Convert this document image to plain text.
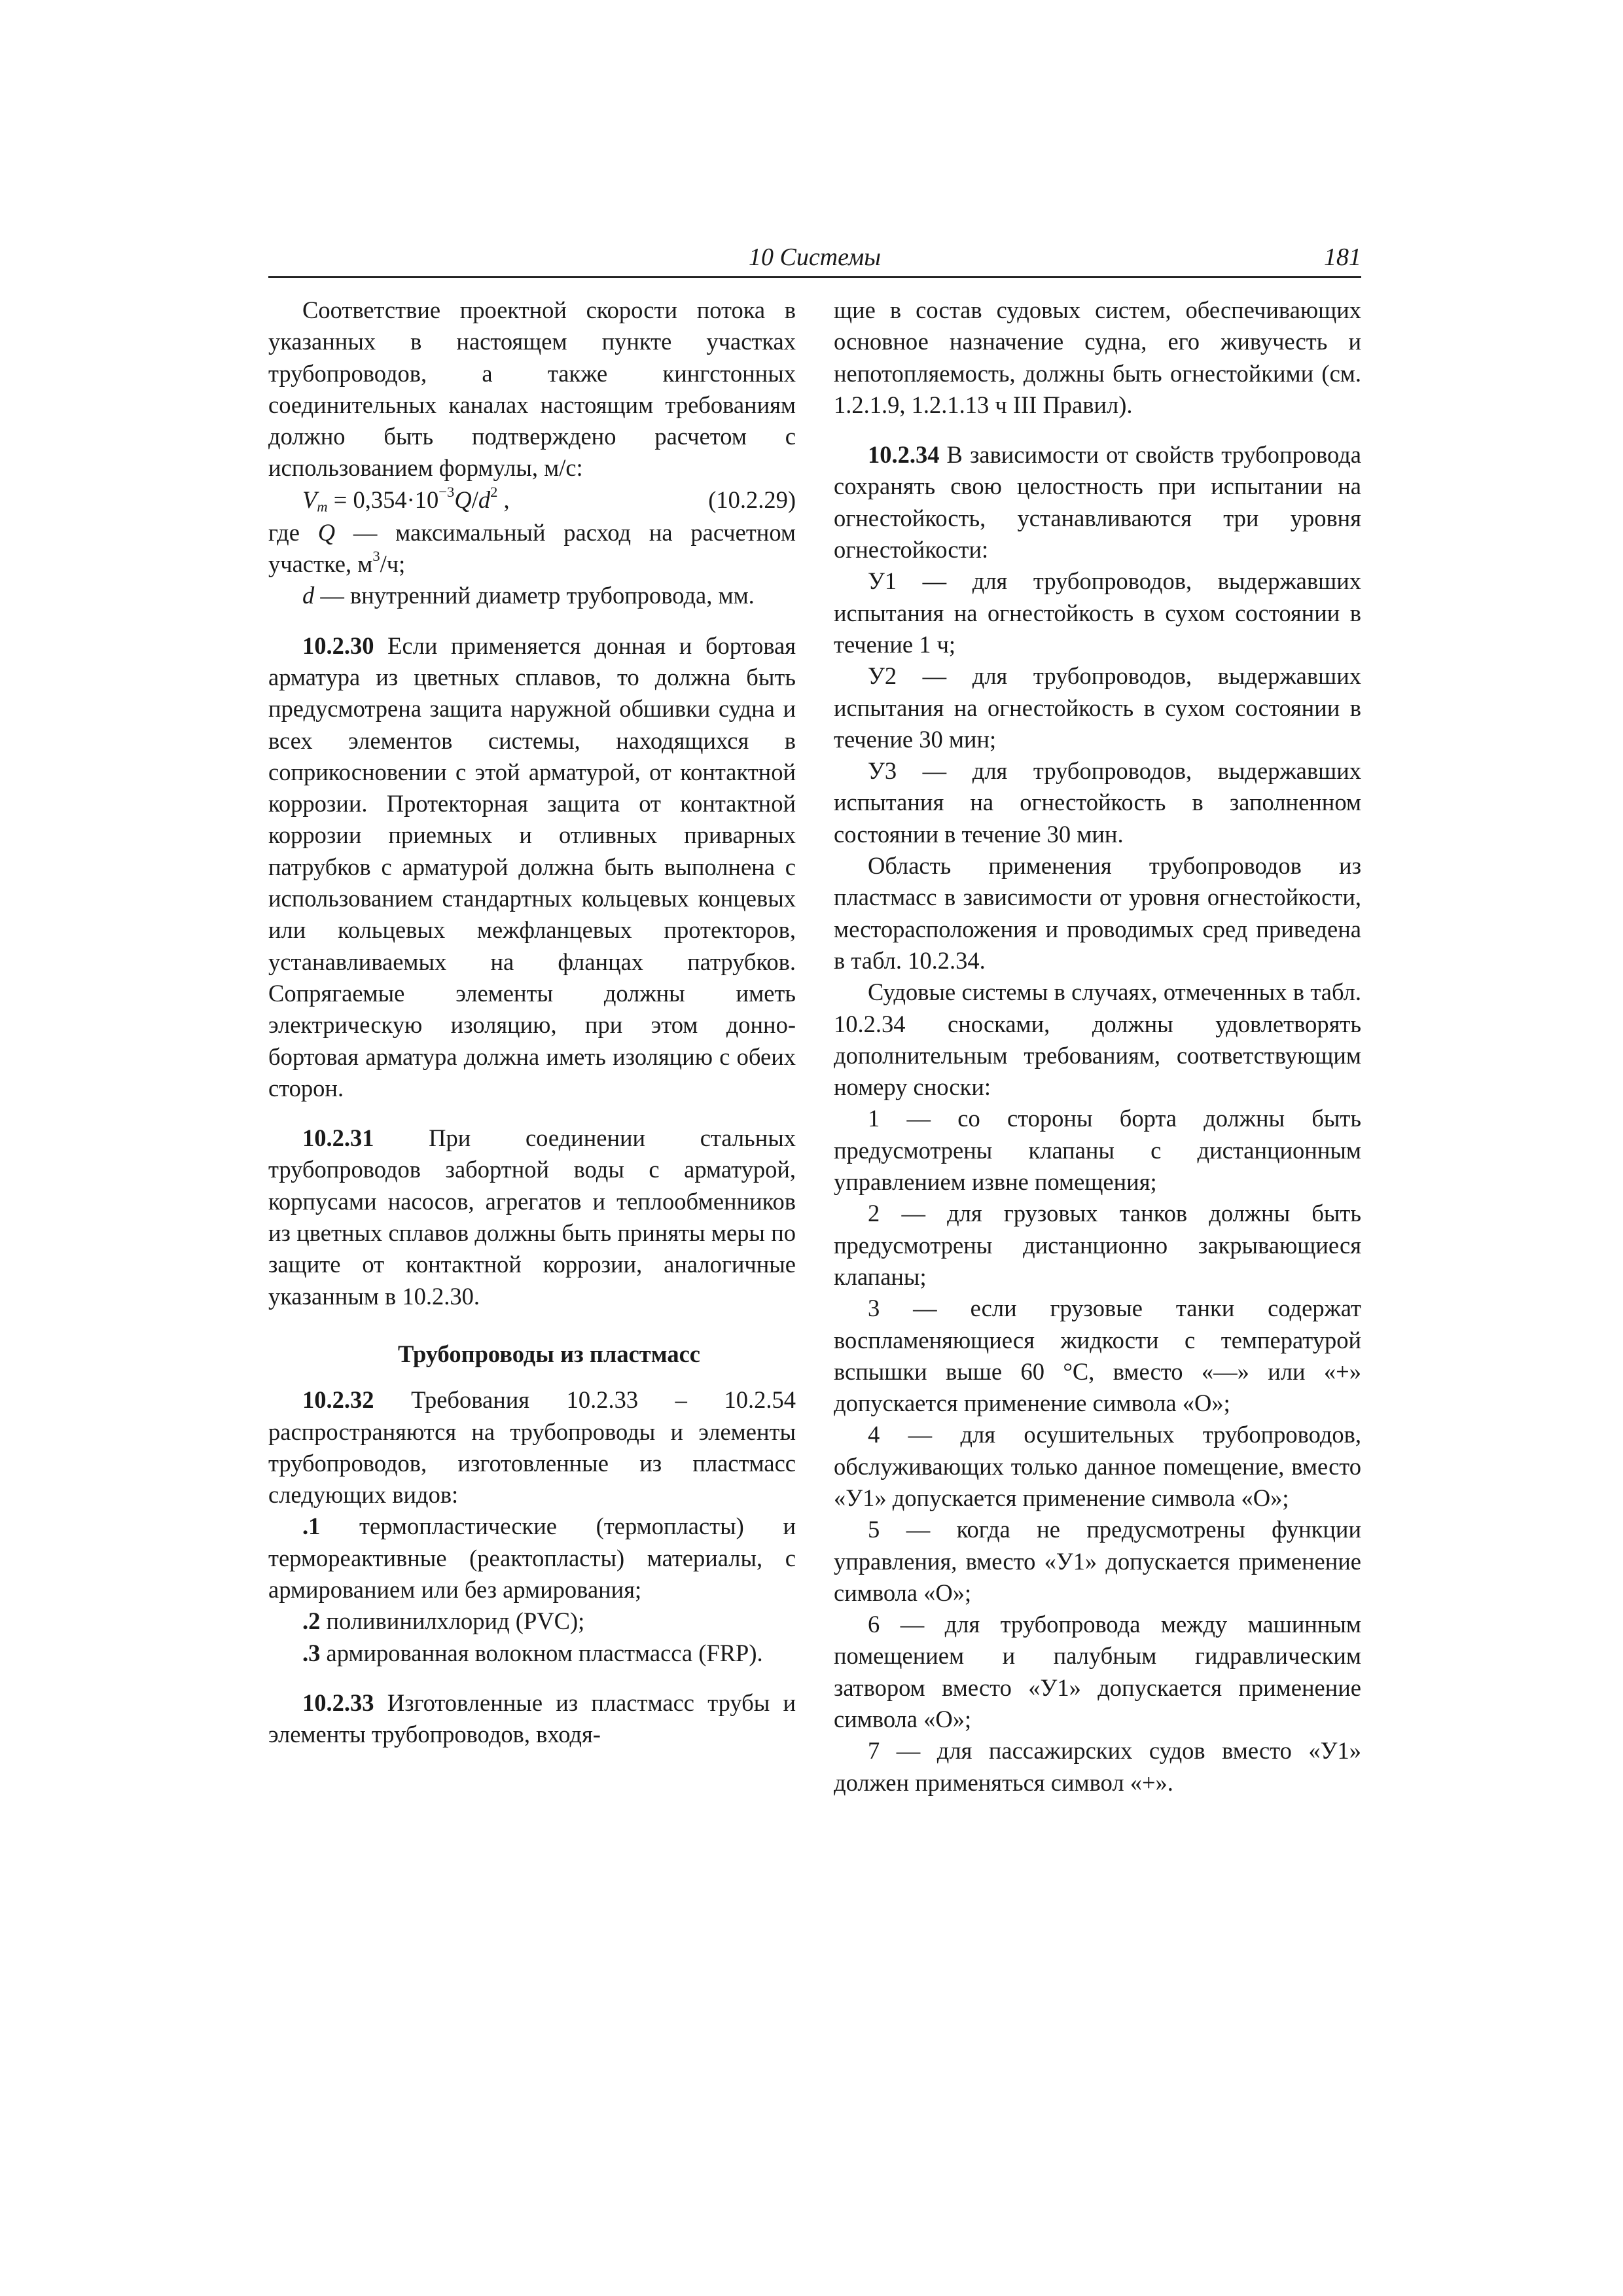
10 Системы	181

Соответствие проектной скорости потока в указанных в настоящем пункте участках трубопроводов, а также кингстонных соединительных каналах настоящим требованиям должно быть подтверждено расчетом с использованием формулы, м/с:

$V_m = 0,354\cdot 10^{-3}Q/d^2$ ,	(10.2.29)

где Q — максимальный расход на расчетном участке, $м^3/ч$;

d — внутренний диаметр трубопровода, мм.

10.2.30 Если применяется донная и бортовая арматура из цветных сплавов, то должна быть предусмотрена защита наружной обшивки судна и всех элементов системы, находящихся в соприкосновении с этой арматурой, от контактной коррозии. Протекторная защита от контактной коррозии приемных и отливных приварных патрубков с арматурой должна быть выполнена с использованием стандартных кольцевых концевых или кольцевых межфланцевых протекторов, устанавливаемых на фланцах патрубков. Сопрягаемые элементы должны иметь электрическую изоляцию, при этом донно-бортовая арматура должна иметь изоляцию с обеих сторон.

10.2.31 При соединении стальных трубопроводов забортной воды с арматурой, корпусами насосов, агрегатов и теплообменников из цветных сплавов должны быть приняты меры по защите от контактной коррозии, аналогичные указанным в 10.2.30.

Трубопроводы из пластмасс

10.2.32 Требования 10.2.33 – 10.2.54 распространяются на трубопроводы и элементы трубопроводов, изготовленные из пластмасс следующих видов:

.1 термопластические (термопласты) и термореактивные (реактопласты) материалы, с армированием или без армирования;

.2 поливинилхлорид (PVC);

.3 армированная волокном пластмасса (FRP).

10.2.33 Изготовленные из пластмасс трубы и элементы трубопроводов, входя-

щие в состав судовых систем, обеспечивающих основное назначение судна, его живучесть и непотопляемость, должны быть огнестойкими (см. 1.2.1.9, 1.2.1.13 ч III Правил).

10.2.34 В зависимости от свойств трубопровода сохранять свою целостность при испытании на огнестойкость, устанавливаются три уровня огнестойкости:

У1 — для трубопроводов, выдержавших испытания на огнестойкость в сухом состоянии в течение 1 ч;

У2 — для трубопроводов, выдержавших испытания на огнестойкость в сухом состоянии в течение 30 мин;

У3 — для трубопроводов, выдержавших испытания на огнестойкость в заполненном состоянии в течение 30 мин.

Область применения трубопроводов из пластмасс в зависимости от уровня огнестойкости, месторасположения и проводимых сред приведена в табл. 10.2.34.

Судовые системы в случаях, отмеченных в табл. 10.2.34 сносками, должны удовлетворять дополнительным требованиям, соответствующим номеру сноски:

1 — со стороны борта должны быть предусмотрены клапаны с дистанционным управлением извне помещения;

2 — для грузовых танков должны быть предусмотрены дистанционно закрывающиеся клапаны;

3 — если грузовые танки содержат воспламеняющиеся жидкости с температурой вспышки выше 60 °С, вместо «—» или «+» допускается применение символа «О»;

4 — для осушительных трубопроводов, обслуживающих только данное помещение, вместо «У1» допускается применение символа «О»;

5 — когда не предусмотрены функции управления, вместо «У1» допускается применение символа «О»;

6 — для трубопровода между машинным помещением и палубным гидравлическим затвором вместо «У1» допускается применение символа «О»;

7 — для пассажирских судов вместо «У1» должен применяться символ «+».
